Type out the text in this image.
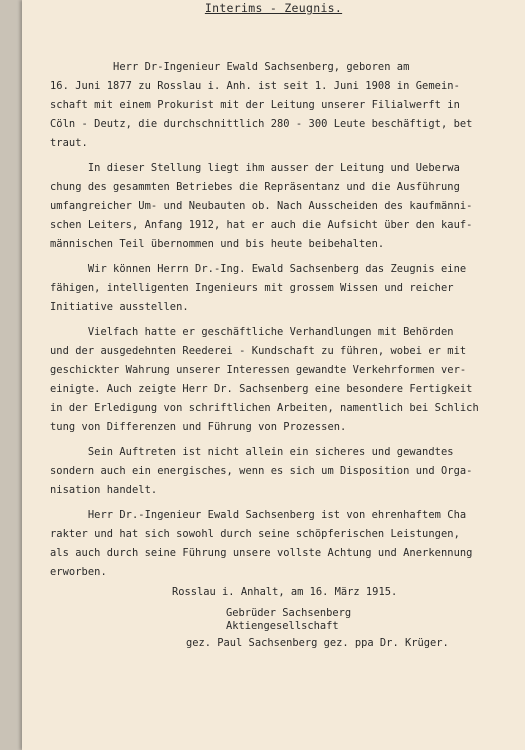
Interims - Zeugnis.
Herr Dr-Ingenieur Ewald Sachsenberg, geboren am
16. Juni 1877 zu Rosslau i. Anh. ist seit 1. Juni 1908 in Gemein-
schaft mit einem Prokurist mit der Leitung unserer Filialwerft in
Cöln - Deutz, die durchschnittlich 280 - 300 Leute beschäftigt, bet
traut.
In dieser Stellung liegt ihm ausser der Leitung und Ueberwa
chung des gesammten Betriebes die Repräsentanz und die Ausführung
umfangreicher Um- und Neubauten ob. Nach Ausscheiden des kaufmänni-
schen Leiters, Anfang 1912, hat er auch die Aufsicht über den kauf-
männischen Teil übernommen und bis heute beibehalten.
Wir können Herrn Dr.-Ing. Ewald Sachsenberg das Zeugnis eine
fähigen, intelligenten Ingenieurs mit grossem Wissen und reicher
Initiative ausstellen.
Vielfach hatte er geschäftliche Verhandlungen mit Behörden
und der ausgedehnten Reederei - Kundschaft zu führen, wobei er mit
geschickter Wahrung unserer Interessen gewandte Verkehrformen ver-
einigte. Auch zeigte Herr Dr. Sachsenberg eine besondere Fertigkeit
in der Erledigung von schriftlichen Arbeiten, namentlich bei Schlich
tung von Differenzen und Führung von Prozessen.
Sein Auftreten ist nicht allein ein sicheres und gewandtes
sondern auch ein energisches, wenn es sich um Disposition und Orga-
nisation handelt.
Herr Dr.-Ingenieur Ewald Sachsenberg ist von ehrenhaftem Cha
rakter und hat sich sowohl durch seine schöpferischen Leistungen,
als auch durch seine Führung unsere vollste Achtung und Anerkennung
erworben.
Rosslau i. Anhalt, am 16. März 1915.
Gebrüder Sachsenberg
Aktiengesellschaft
gez. Paul Sachsenberg gez. ppa Dr. Krüger.
